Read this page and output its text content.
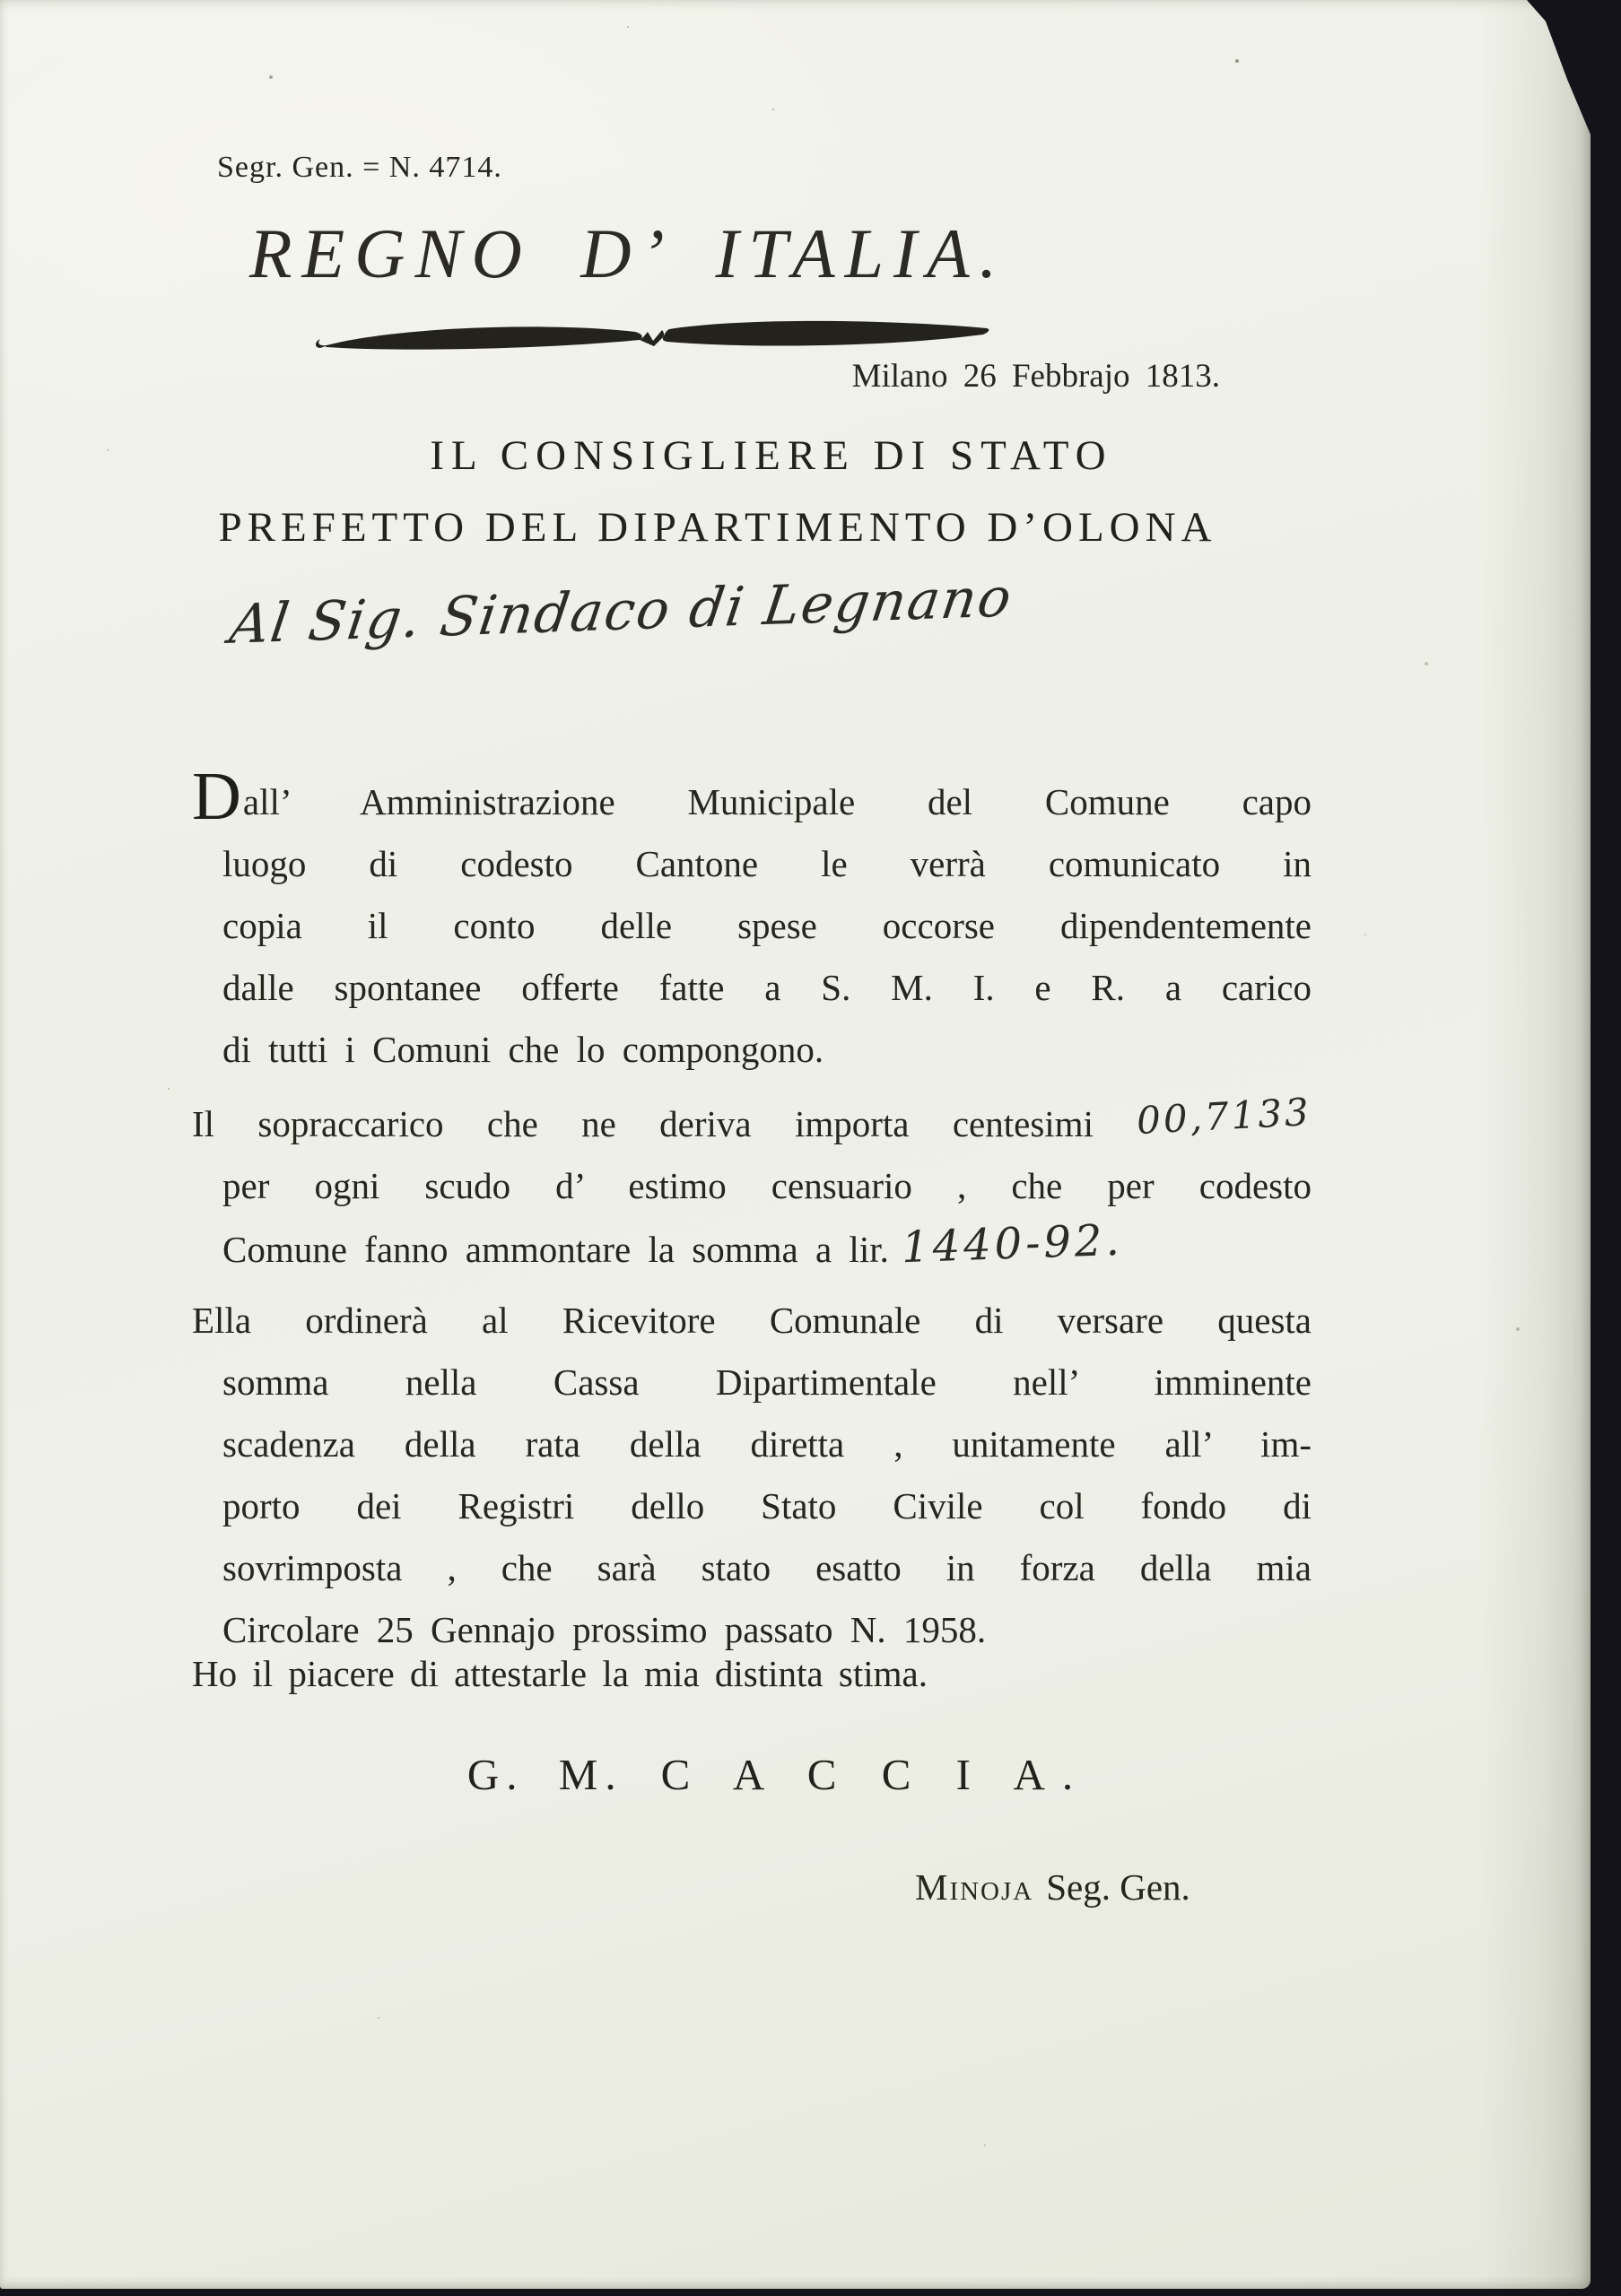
Segr. Gen. = N. 4714.
REGNO D’ ITALIA.
Milano 26 Febbrajo 1813.
IL CONSIGLIERE DI STATO
PREFETTO DEL DIPARTIMENTO D’OLONA
Al Sig. Sindaco di Legnano
Dall’ Amministrazione Municipale del Comune capo
luogo di codesto Cantone le verrà comunicato in
copia il conto delle spese occorse dipendentemente
dalle spontanee offerte fatte a S. M. I. e R. a carico
di tutti i Comuni che lo compongono.
Il sopraccarico che ne deriva importa centesimi 00,7133
per ogni scudo d’ estimo censuario , che per codesto
Comune fanno ammontare la somma a lir. 1440-92.
Ella ordinerà al Ricevitore Comunale di versare questa
somma nella Cassa Dipartimentale nell’ imminente
scadenza della rata della diretta , unitamente all’ im-
porto dei Registri dello Stato Civile col fondo di
sovrimposta , che sarà stato esatto in forza della mia
Circolare 25 Gennajo prossimo passato N. 1958.
Ho il piacere di attestarle la mia distinta stima.
G. M. C A C C I A.
Minoja Seg. Gen.
